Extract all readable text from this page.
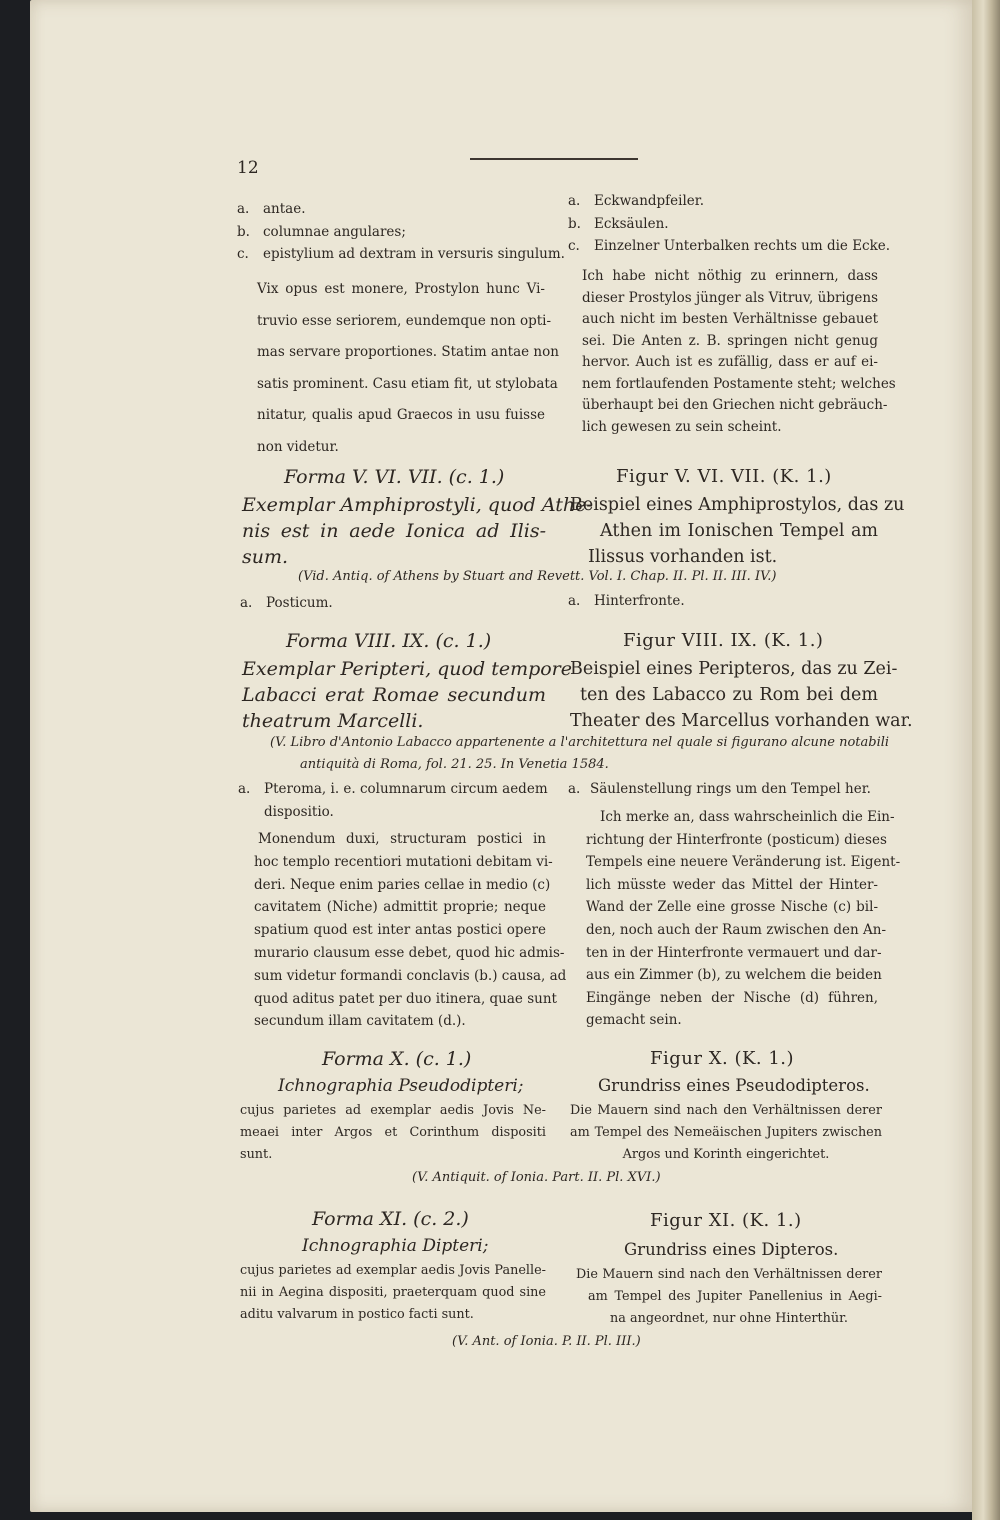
12
a. antae.
b. columnae angulares;
c. epistylium ad dextram in versuris singulum.
a. Eckwandpfeiler.
b. Ecksäulen.
c. Einzelner Unterbalken rechts um die Ecke.
Vix opus est monere, Prostylon hunc Vi-
truvio esse seriorem, eundemque non opti-
mas servare proportiones. Statim antae non
satis prominent. Casu etiam fit, ut stylobata
nitatur, qualis apud Graecos in usu fuisse
non videtur.
Ich habe nicht nöthig zu erinnern, dass
dieser Prostylos jünger als Vitruv, übrigens
auch nicht im besten Verhältnisse gebauet
sei. Die Anten z. B. springen nicht genug
hervor. Auch ist es zufällig, dass er auf ei-
nem fortlaufenden Postamente steht; welches
überhaupt bei den Griechen nicht gebräuch-
lich gewesen zu sein scheint.
Forma V. VI. VII. (c. 1.)	Figur V. VI. VII. (K. 1.)
Exemplar Amphiprostyli, quod Athe-
nis est in aede Ionica ad Ilis-
sum.
Beispiel eines Amphiprostylos, das zu
Athen im Ionischen Tempel am
Ilissus vorhanden ist.
(Vid. Antiq. of Athens by Stuart and Revett. Vol. I. Chap. II. Pl. II. III. IV.)
a. Posticum.	a. Hinterfronte.
Forma VIII. IX. (c. 1.)	Figur VIII. IX. (K. 1.)
Exemplar Peripteri, quod tempore
Labacci erat Romae secundum
theatrum Marcelli.
Beispiel eines Peripteros, das zu Zei-
ten des Labacco zu Rom bei dem
Theater des Marcellus vorhanden war.
(V. Libro d'Antonio Labacco appartenente a l'architettura nel quale si figurano alcune notabili
antiquità di Roma, fol. 21. 25. In Venetia 1584.
a. Pteroma, i. e. columnarum circum aedem
dispositio.
a. Säulenstellung rings um den Tempel her.
Monendum duxi, structuram postici in
hoc templo recentiori mutationi debitam vi-
deri. Neque enim paries cellae in medio (c)
cavitatem (Niche) admittit proprie; neque
spatium quod est inter antas postici opere
murario clausum esse debet, quod hic admis-
sum videtur formandi conclavis (b.) causa, ad
quod aditus patet per duo itinera, quae sunt
secundum illam cavitatem (d.).
Ich merke an, dass wahrscheinlich die Ein-
richtung der Hinterfronte (posticum) dieses
Tempels eine neuere Veränderung ist. Eigent-
lich müsste weder das Mittel der Hinter-
Wand der Zelle eine grosse Nische (c) bil-
den, noch auch der Raum zwischen den An-
ten in der Hinterfronte vermauert und dar-
aus ein Zimmer (b), zu welchem die beiden
Eingänge neben der Nische (d) führen,
gemacht sein.
Forma X. (c. 1.)	Figur X. (K. 1.)
Ichnographia Pseudodipteri;	Grundriss eines Pseudodipteros.
cujus parietes ad exemplar aedis Jovis Ne-
meaei inter Argos et Corinthum dispositi
sunt.
Die Mauern sind nach den Verhältnissen derer
am Tempel des Nemeäischen Jupiters zwischen
Argos und Korinth eingerichtet.
(V. Antiquit. of Ionia. Part. II. Pl. XVI.)
Forma XI. (c. 2.)	Figur XI. (K. 1.)
Ichnographia Dipteri;	Grundriss eines Dipteros.
cujus parietes ad exemplar aedis Jovis Panelle-
nii in Aegina dispositi, praeterquam quod sine
aditu valvarum in postico facti sunt.
Die Mauern sind nach den Verhältnissen derer
am Tempel des Jupiter Panellenius in Aegi-
na angeordnet, nur ohne Hinterthür.
(V. Ant. of Ionia. P. II. Pl. III.)
